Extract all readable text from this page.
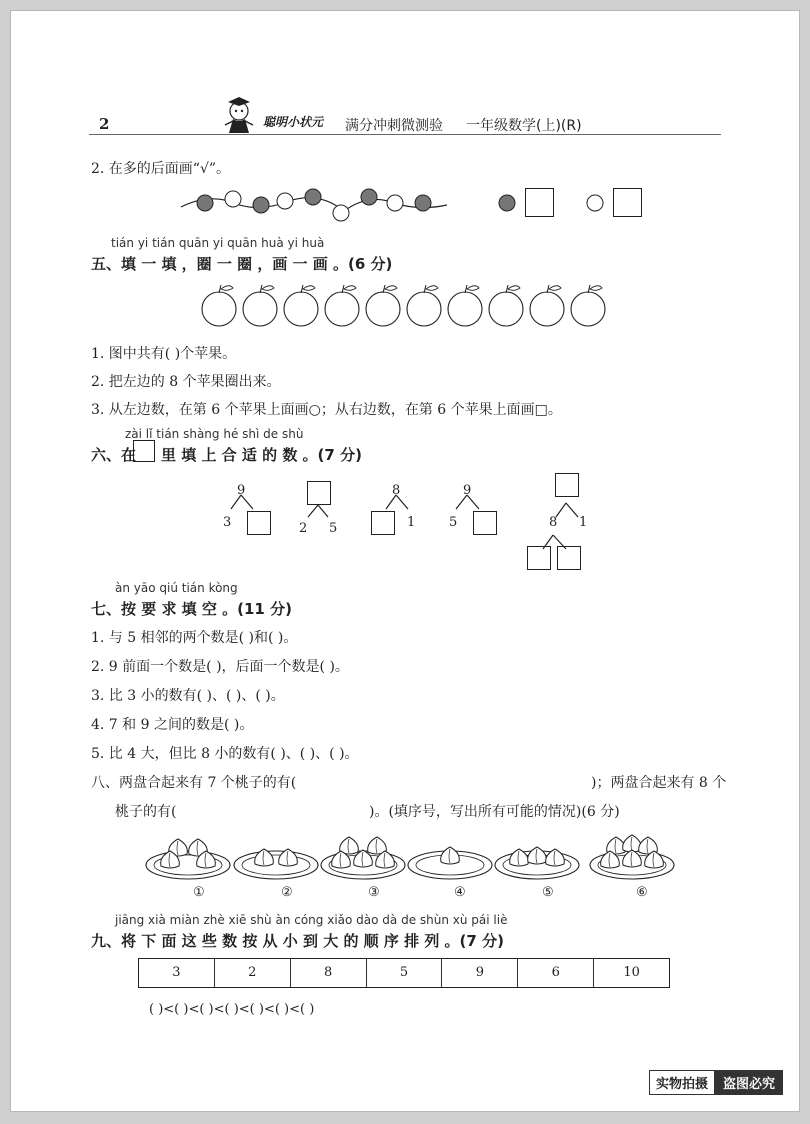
2	聪明小状元 满分冲刺微测验 一年级数学(上)(R)
2. 在多的后面画“√”。
tián yi tián quān yi quān huà yi huà
五、填 一 填 ，圈 一 圈 ，画 一 画 。(6 分)
1. 图中共有( )个苹果。
2. 把左边的 8 个苹果圈出来。
3. 从左边数，在第 6 个苹果上面画○；从右边数，在第 6 个苹果上面画□。
zài lǐ tián shàng hé shì de shù
六、在 里 填 上 合 适 的 数 。(7 分)
9
3	2 5
8
1
9
5	8 1
àn yāo qiú tián kòng
七、按 要 求 填 空 。(11 分)
1. 与 5 相邻的两个数是( )和( )。
2. 9 前面一个数是( )，后面一个数是( )。
3. 比 3 小的数有( )、( )、( )。
4. 7 和 9 之间的数是( )。
5. 比 4 大，但比 8 小的数有( )、( )、( )。
八、两盘合起来有 7 个桃子的有(	)；两盘合起来有 8 个
桃子的有(	)。(填序号，写出所有可能的情况)(6 分)
①	②	③	④	⑤	⑥
jiāng xià miàn zhè xiē shù àn cóng xiǎo dào dà de shùn xù pái liè
九、将 下 面 这 些 数 按 从 小 到 大 的 顺 序 排 列 。(7 分)
3	2	8	5	9	6	10
( )<( )<( )<( )<( )<( )<( )
实物拍摄	盗图必究
